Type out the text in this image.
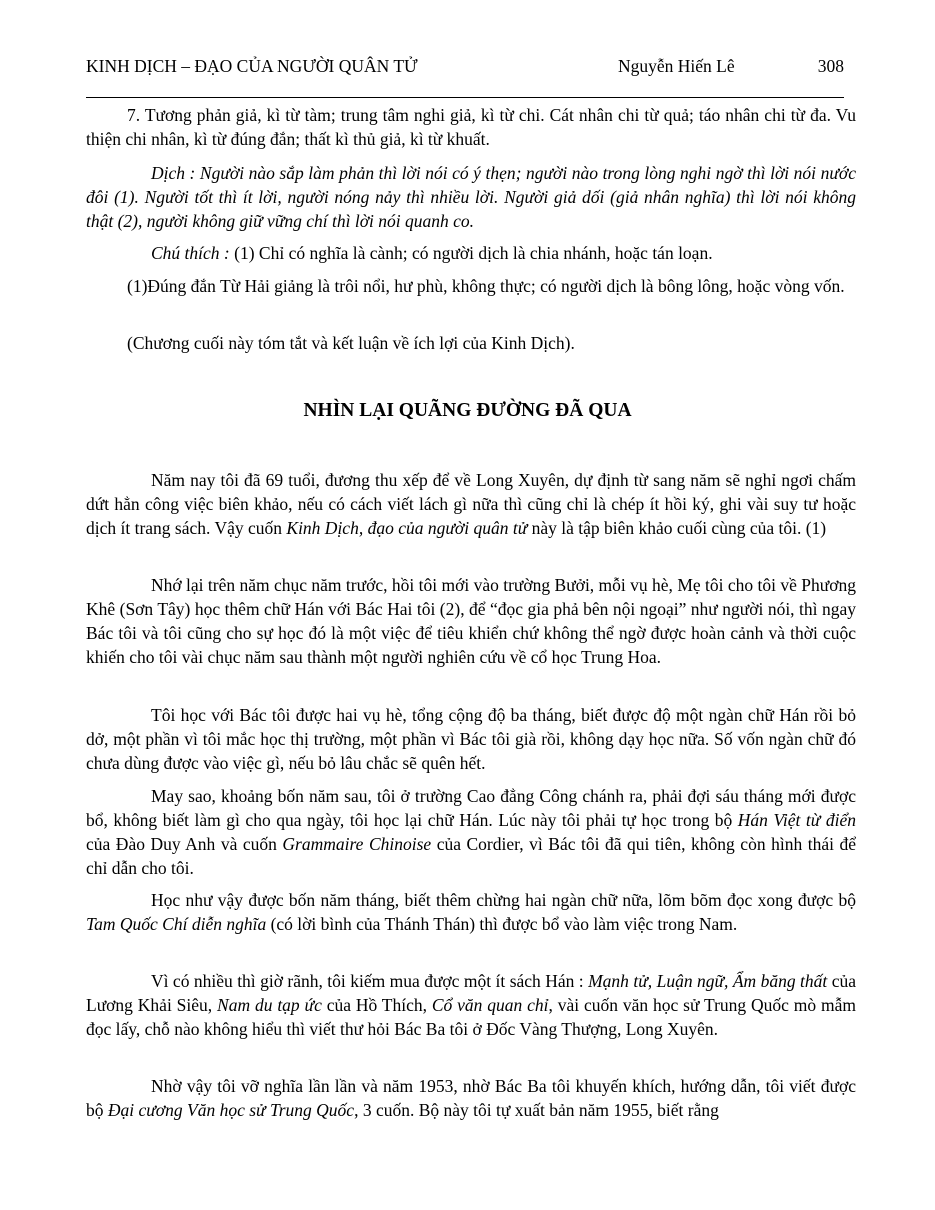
KINH DỊCH – ĐẠO CỦA NGƯỜI QUÂN TỬ	Nguyễn Hiến Lê	308

7. Tương phản giả, kì từ tàm; trung tâm nghi giả, kì từ chi. Cát nhân chi từ quả; táo nhân chi từ đa. Vu thiện chi nhân, kì từ đúng đắn; thất kì thủ giả, kì từ khuất.

Dịch : Người nào sắp làm phản thì lời nói có ý thẹn; người nào trong lòng nghi ngờ thì lời nói nước đôi (1). Người tốt thì ít lời, người nóng nảy thì nhiều lời. Người giả dối (giả nhân nghĩa) thì lời nói không thật (2), người không giữ vững chí thì lời nói quanh co.

Chú thích : (1) Chỉ có nghĩa là cành; có người dịch là chia nhánh, hoặc tán loạn.

(1)Đúng đắn Từ Hải giảng là trôi nổi, hư phù, không thực; có người dịch là bông lông, hoặc vòng vốn.

(Chương cuối này tóm tắt và kết luận về ích lợi của Kinh Dịch).

NHÌN LẠI QUÃNG ĐƯỜNG ĐÃ QUA

Năm nay tôi đã 69 tuổi, đương thu xếp để về Long Xuyên, dự định từ sang năm sẽ nghỉ ngơi chấm dứt hẳn công việc biên khảo, nếu có cách viết lách gì nữa thì cũng chỉ là chép ít hồi ký, ghi vài suy tư hoặc dịch ít trang sách. Vậy cuốn Kinh Dịch, đạo của người quân tử này là tập biên khảo cuối cùng của tôi. (1)

Nhớ lại trên năm chục năm trước, hồi tôi mới vào trường Bưởi, mỗi vụ hè, Mẹ tôi cho tôi về Phương Khê (Sơn Tây) học thêm chữ Hán với Bác Hai tôi (2), để “đọc gia phả bên nội ngoại” như người nói, thì ngay Bác tôi và tôi cũng cho sự học đó là một việc để tiêu khiển chứ không thể ngờ được hoàn cảnh và thời cuộc khiến cho tôi vài chục năm sau thành một người nghiên cứu về cổ học Trung Hoa.

Tôi học với Bác tôi được hai vụ hè, tổng cộng độ ba tháng, biết được độ một ngàn chữ Hán rồi bỏ dở, một phần vì tôi mắc học thị trường, một phần vì Bác tôi già rồi, không dạy học nữa. Số vốn ngàn chữ đó chưa dùng được vào việc gì, nếu bỏ lâu chắc sẽ quên hết.

May sao, khoảng bốn năm sau, tôi ở trường Cao đẳng Công chánh ra, phải đợi sáu tháng mới được bổ, không biết làm gì cho qua ngày, tôi học lại chữ Hán. Lúc này tôi phải tự học trong bộ Hán Việt từ điển của Đào Duy Anh và cuốn Grammaire Chinoise của Cordier, vì Bác tôi đã qui tiên, không còn hình thái để chỉ dẫn cho tôi.

Học như vậy được bốn năm tháng, biết thêm chừng hai ngàn chữ nữa, lõm bõm đọc xong được bộ Tam Quốc Chí diễn nghĩa (có lời bình của Thánh Thán) thì được bổ vào làm việc trong Nam.

Vì có nhiều thì giờ rãnh, tôi kiếm mua được một ít sách Hán : Mạnh tử, Luận ngữ, Ẩm băng thất của Lương Khải Siêu, Nam du tạp ức của Hồ Thích, Cổ văn quan chỉ, vài cuốn văn học sử Trung Quốc mò mẫm đọc lấy, chỗ nào không hiểu thì viết thư hỏi Bác Ba tôi ở Đốc Vàng Thượng, Long Xuyên.

Nhờ vậy tôi vỡ nghĩa lần lần và năm 1953, nhờ Bác Ba tôi khuyến khích, hướng dẫn, tôi viết được bộ Đại cương Văn học sử Trung Quốc, 3 cuốn. Bộ này tôi tự xuất bản năm 1955, biết rằng
